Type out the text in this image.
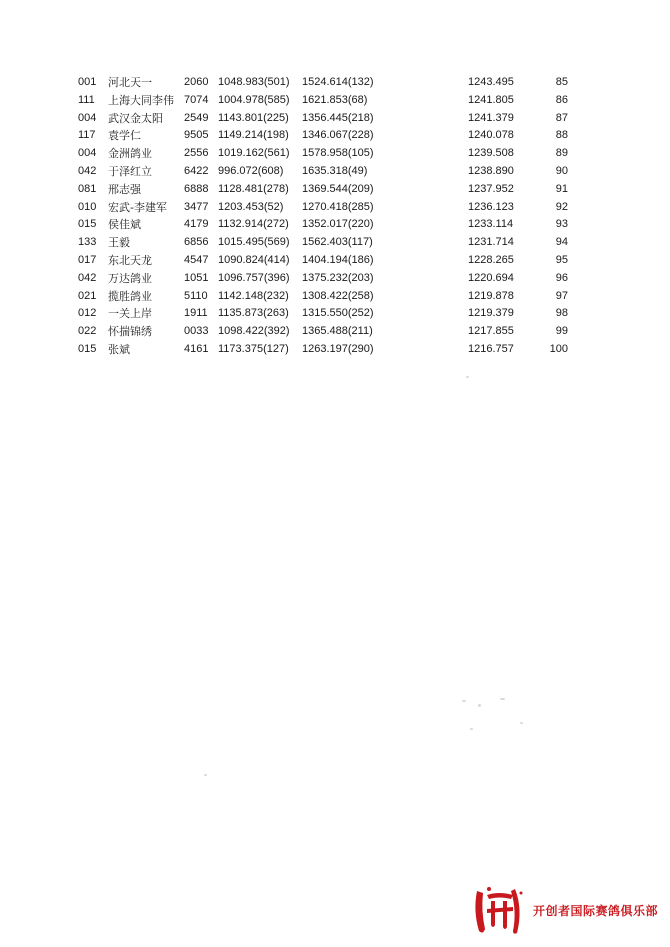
001 河北天一	2060 1048.983(501) 1524.614(132)	1243.495	85
111 上海大同李伟 7074 1004.978(585) 1621.853(68)	1241.805	86
004 武汉金太阳 2549 1143.801(225) 1356.445(218)	1241.379	87
117 袁学仁	9505 1149.214(198) 1346.067(228)	1240.078	88
004 金洲鸽业	2556 1019.162(561) 1578.958(105)	1239.508	89
042 于泽红立	6422 996.072(608) 1635.318(49)	1238.890	90
081 邢志强	6888 1128.481(278) 1369.544(209)	1237.952	91
010 宏武-李建军 3477 1203.453(52) 1270.418(285)	1236.123	92
015 侯佳斌	4179 1132.914(272) 1352.017(220)	1233.114	93
133 王毅	6856 1015.495(569) 1562.403(117)	1231.714	94
017 东北天龙	4547 1090.824(414) 1404.194(186)	1228.265	95
042 万达鸽业	1051 1096.757(396) 1375.232(203)	1220.694	96
021 揽胜鸽业	5110 1142.148(232) 1308.422(258)	1219.878	97
012 一关上岸	1911 1135.873(263) 1315.550(252)	1219.379	98
022 怀揣锦绣	0033 1098.422(392) 1365.488(211)	1217.855	99
015 张斌	4161 1173.375(127) 1263.197(290)	1216.757	100
开创者国际赛鸽俱乐部
